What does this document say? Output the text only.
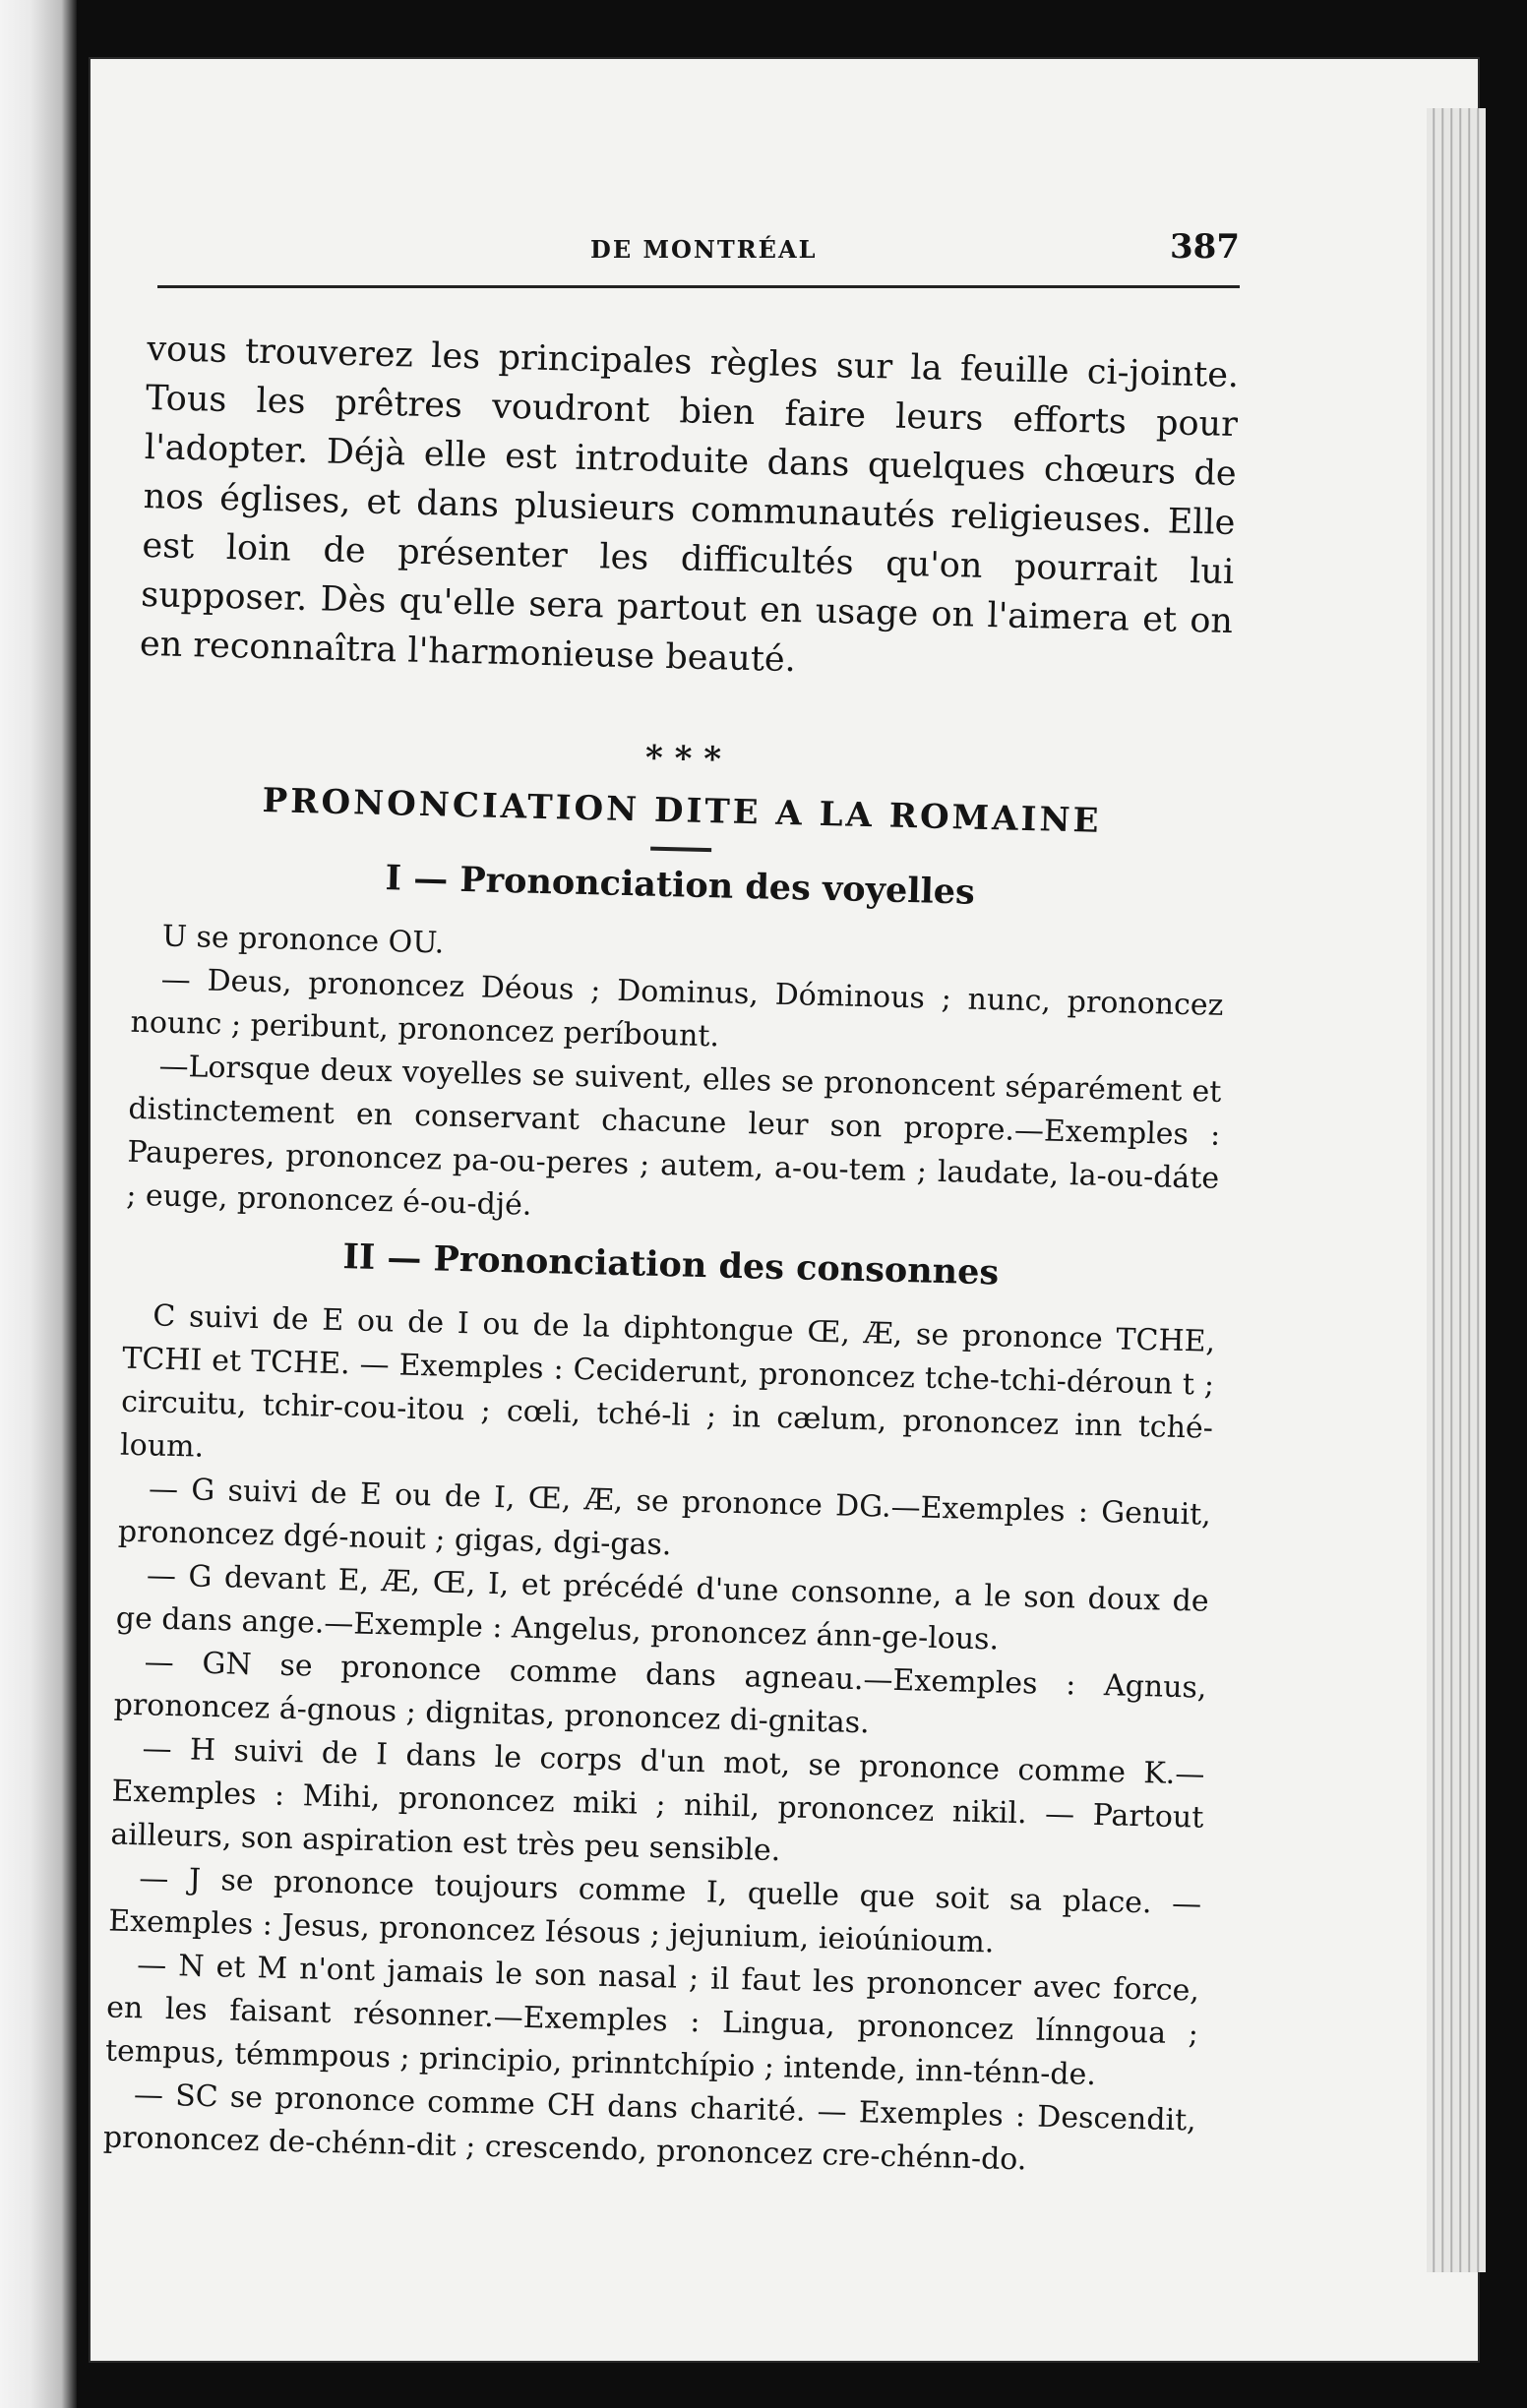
DE MONTRÉAL	387

vous trouverez les principales règles sur la feuille ci-jointe. Tous les prêtres voudront bien faire leurs efforts pour l'adopter. Déjà elle est introduite dans quelques chœurs de nos églises, et dans plusieurs communautés religieuses. Elle est loin de présenter les difficultés qu'on pourrait lui supposer. Dès qu'elle sera partout en usage on l'aimera et on en reconnaîtra l'harmonieuse beauté.

* * *
PRONONCIATION DITE A LA ROMAINE
I — Prononciation des voyelles

U se prononce OU.

— Deus, prononcez Déous ; Dominus, Dóminous ; nunc, prononcez nounc ; peribunt, prononcez períbount.

—Lorsque deux voyelles se suivent, elles se prononcent séparément et distinctement en conservant chacune leur son propre.—Exemples : Pauperes, prononcez pa-ou-peres ; autem, a-ou-tem ; laudate, la-ou-dáte ; euge, prononcez é-ou-djé.

II — Prononciation des consonnes

C suivi de E ou de I ou de la diphtongue Œ, Æ, se prononce TCHE, TCHI et TCHE. — Exemples : Ceciderunt, prononcez tche-tchi-déroun t ; circuitu, tchir-cou-itou ; cœli, tché-li ; in cælum, prononcez inn tché-loum.

— G suivi de E ou de I, Œ, Æ, se prononce DG.—Exemples : Genuit, prononcez dgé-nouit ; gigas, dgi-gas.

— G devant E, Æ, Œ, I, et précédé d'une consonne, a le son doux de ge dans ange.—Exemple : Angelus, prononcez ánn-ge-lous.

— GN se prononce comme dans agneau.—Exemples : Agnus, prononcez á-gnous ; dignitas, prononcez di-gnitas.

— H suivi de I dans le corps d'un mot, se prononce comme K.— Exemples : Mihi, prononcez miki ; nihil, prononcez nikil. — Partout ailleurs, son aspiration est très peu sensible.

— J se prononce toujours comme I, quelle que soit sa place. — Exemples : Jesus, prononcez Iésous ; jejunium, ieioúnioum.

— N et M n'ont jamais le son nasal ; il faut les prononcer avec force, en les faisant résonner.—Exemples : Lingua, prononcez línngoua ; tempus, témmpous ; principio, prinntchípio ; intende, inn-ténn-de.

— SC se prononce comme CH dans charité. — Exemples : Descendit, prononcez de-chénn-dit ; crescendo, prononcez cre-chénn-do.
